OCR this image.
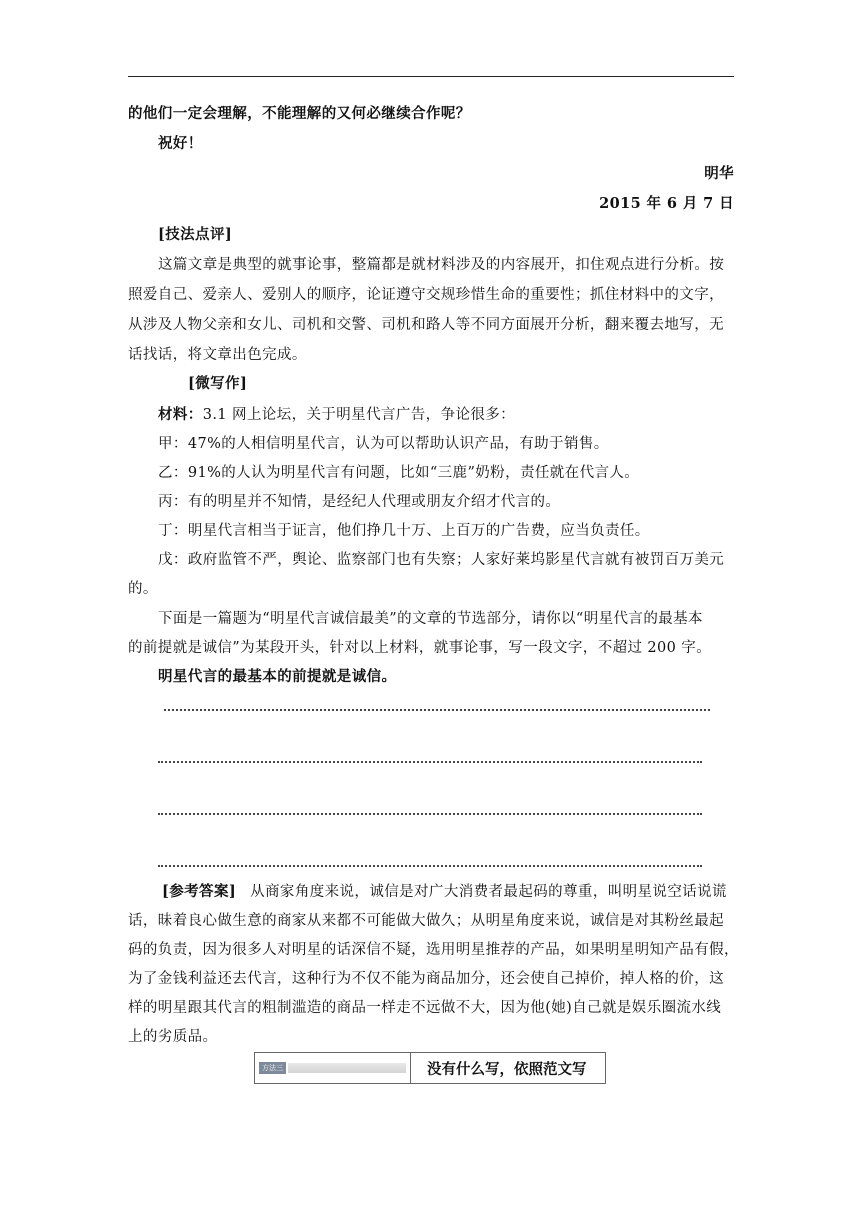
的他们一定会理解，不能理解的又何必继续合作呢？
祝好！
明华
2015 年 6 月 7 日
[技法点评]
这篇文章是典型的就事论事，整篇都是就材料涉及的内容展开，扣住观点进行分析。按
照爱自己、爱亲人、爱别人的顺序，论证遵守交规珍惜生命的重要性；抓住材料中的文字，
从涉及人物父亲和女儿、司机和交警、司机和路人等不同方面展开分析，翻来覆去地写，无
话找话，将文章出色完成。
[微写作]
材料：3.1 网上论坛，关于明星代言广告，争论很多：
甲：47%的人相信明星代言，认为可以帮助认识产品，有助于销售。
乙：91%的人认为明星代言有问题，比如“三鹿”奶粉，责任就在代言人。
丙：有的明星并不知情，是经纪人代理或朋友介绍才代言的。
丁：明星代言相当于证言，他们挣几十万、上百万的广告费，应当负责任。
戊：政府监管不严，舆论、监察部门也有失察；人家好莱坞影星代言就有被罚百万美元
的。
下面是一篇题为“明星代言诚信最美”的文章的节选部分，请你以“明星代言的最基本
的前提就是诚信”为某段开头，针对以上材料，就事论事，写一段文字，不超过 200 字。
明星代言的最基本的前提就是诚信。
[参考答案] 从商家角度来说，诚信是对广大消费者最起码的尊重，叫明星说空话说谎
话，昧着良心做生意的商家从来都不可能做大做久；从明星角度来说，诚信是对其粉丝最起
码的负责，因为很多人对明星的话深信不疑，选用明星推荐的产品，如果明星明知产品有假，
为了金钱利益还去代言，这种行为不仅不能为商品加分，还会使自己掉价，掉人格的价，这
样的明星跟其代言的粗制滥造的商品一样走不远做不大，因为他(她)自己就是娱乐圈流水线
上的劣质品。
方法三	没有什么写，依照范文写
